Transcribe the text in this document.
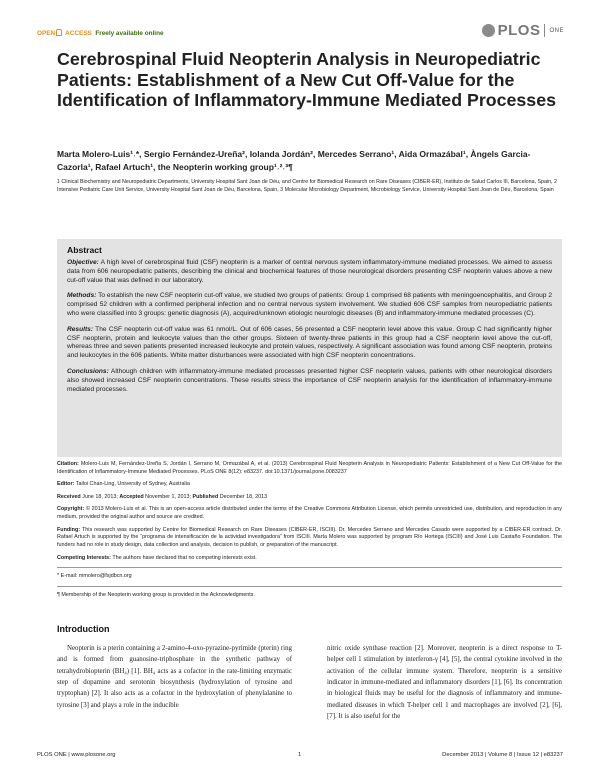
OPEN ACCESS Freely available online	PLOS ONE
Cerebrospinal Fluid Neopterin Analysis in Neuropediatric Patients: Establishment of a New Cut Off-Value for the Identification of Inflammatory-Immune Mediated Processes
Marta Molero-Luis¹˒*, Sergio Fernández-Ureña², Iolanda Jordán², Mercedes Serrano¹, Aida Ormazábal¹, Àngels Garcia-Cazorla¹, Rafael Artuch¹, the Neopterin working group¹˒²˒³¶
1 Clinical Biochemistry and Neuropediatric Departments, University Hospital Sant Joan de Déu, and Centre for Biomedical Research on Rare Diseases (CIBER-ER), Instituto de Salud Carlos III, Barcelona, Spain, 2 Intensive Pediatric Care Unit Service, University Hospital Sant Joan de Déu, Barcelona, Spain, 3 Molecular Microbiology Department, Microbiology Service, University Hospital Sant Joan de Déu, Barcelona, Spain
Abstract

Objective: A high level of cerebrospinal fluid (CSF) neopterin is a marker of central nervous system inflammatory-immune mediated processes. We aimed to assess data from 606 neuropediatric patients, describing the clinical and biochemical features of those neurological disorders presenting CSF neopterin values above a new cut-off value that was defined in our laboratory.

Methods: To establish the new CSF neopterin cut-off value, we studied two groups of patients: Group 1 comprised 68 patients with meningoencephalitis, and Group 2 comprised 52 children with a confirmed peripheral infection and no central nervous system involvement. We studied 606 CSF samples from neuropediatric patients who were classified into 3 groups: genetic diagnosis (A), acquired/unknown etiologic neurologic diseases (B) and inflammatory-immune mediated processes (C).

Results: The CSF neopterin cut-off value was 61 nmol/L. Out of 606 cases, 56 presented a CSF neopterin level above this value. Group C had significantly higher CSF neopterin, protein and leukocyte values than the other groups. Sixteen of twenty-three patients in this group had a CSF neopterin level above the cut-off, whereas three and seven patients presented increased leukocyte and protein values, respectively. A significant association was found among CSF neopterin, proteins and leukocytes in the 606 patients. White matter disturbances were associated with high CSF neopterin concentrations.

Conclusions: Although children with inflammatory-immune mediated processes presented higher CSF neopterin values, patients with other neurological disorders also showed increased CSF neopterin concentrations. These results stress the importance of CSF neopterin analysis for the identification of inflammatory-immune mediated processes.

Citation: Molero-Luis M, Fernández-Ureña S, Jordán I, Serrano M, Ormazábal A, et al. (2013) Cerebrospinal Fluid Neopterin Analysis in Neuropediatric Patients: Establishment of a New Cut Off-Value for the Identification of Inflammatory-Immune Mediated Processes. PLoS ONE 8(12): e83237. doi:10.1371/journal.pone.0083237

Editor: Tailoi Chan-Ling, University of Sydney, Australia

Received June 18, 2013; Accepted November 1, 2013; Published December 18, 2013

Copyright: © 2013 Molero-Luis et al. This is an open-access article distributed under the terms of the Creative Commons Attribution License, which permits unrestricted use, distribution, and reproduction in any medium, provided the original author and source are credited.

Funding: This research was supported by Centre for Biomedical Research on Rare Diseases (CIBER-ER, ISCIII). Dr. Mercedes Serrano and Mercedes Casado were supported by a CIBER-ER contract. Dr. Rafael Artuch is supported by the “programa de intensificación de la actividad investigadora” from ISCIII. Marta Molero was supported by program Río Hortega (ISCIII) and José Luis Castaño Foundation. The funders had no role in study design, data collection and analysis, decision to publish, or preparation of the manuscript.

Competing Interests: The authors have declared that no competing interests exist.

* E-mail: mmolero@fsjdbcn.org

¶ Membership of the Neopterin working group is provided in the Acknowledgments.

Introduction

Neopterin is a pterin containing a 2-amino-4-oxo-pyrazine-pyrimide (pterin) ring and is formed from guanosine-triphosphate in the synthetic pathway of tetrahydrobiopterin (BH₄) [1]. BH₄ acts as a cofactor in the rate-limiting enzymatic step of dopamine and serotonin biosynthesis (hydroxylation of tyrosine and tryptophan) [2]. It also acts as a cofactor in the hydroxylation of phenylalanine to tyrosine [3] and plays a role in the inducible

nitric oxide synthase reaction [2]. Moreover, neopterin is a direct response to T-helper cell 1 stimulation by interferon-γ [4], [5], the central cytokine involved in the activation of the cellular immune system. Therefore, neopterin is a sensitive indicator in immune-mediated and inflammatory disorders [1], [6]. Its concentration in biological fluids may be useful for the diagnosis of inflammatory and immune-mediated diseases in which T-helper cell 1 and macrophages are involved [2], [6], [7]. It is also useful for the

PLOS ONE | www.plosone.org	1	December 2013 | Volume 8 | Issue 12 | e83237
